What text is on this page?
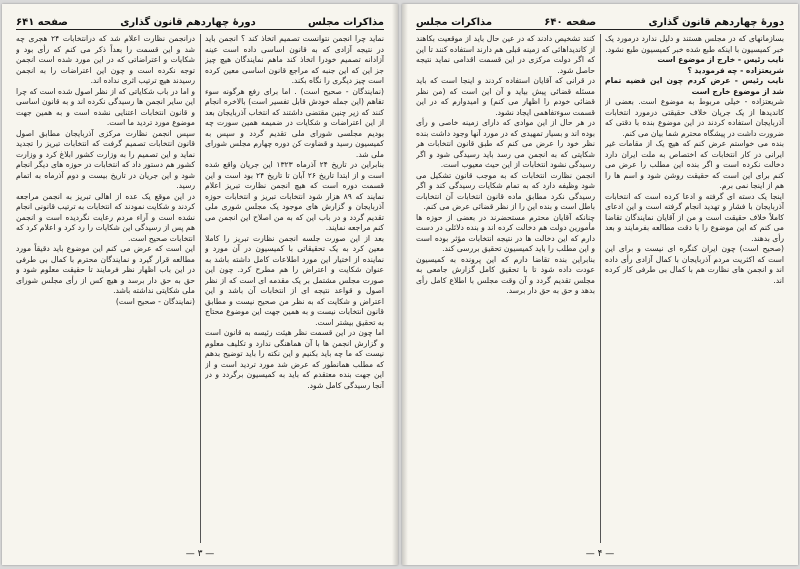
مذاکرات مجلس
دورۀ چهاردهم قانون گذاری
صفحه ۶۴۱

نماید چرا انجمن نتوانست تصمیم اتخاذ کند ؟ انجمن باید در نتیجه آزادی که به قانون اساسی داده است عینه آزادانه تصمیم خودرا اتخاذ کند ماهم نمایندگان هیچ چیز جز این که این جنبه که مراجع قانون اساسی معین کرده است چیز دیگری را نگاه بکند.

(نمایندگان - صحیح است) . اما برای رفع هرگونه سوء تفاهم (این جمله خودش قابل تفسیر است) بالاخره انجام کنند که زیر چنین مقتضی داشتند که انتخاب آذربایجان بعد از این اعتراضات و شکایات در ضمیمه همین سورت چه بودیم مجلسی شورای ملی تقدیم گردد و سپس به کمیسیون رسید و قضاوت کن دوره چهارم مجلس شورای ملی شد.

بنابراین در تاریخ ۲۴ آذرماه ۱۳۲۳ این جریان واقع شده است و از ابتدا تاریخ ۲۶ آبان تا تاریخ ۲۴ بود است و این قسمت دوره است که هیچ انجمن نظارت تبریز اعلام نمایند که ۸۹ هزار شود انتخابات تبریز و انتخابات حوزه آذربایجان و گزارش های موجود یک مجلس شوری ملی تقدیم گردد و در باب این که به من اصلاح این انجمن می کنم مراجعه نمایند.

بعد از این صورت جلسه انجمن نظارت تبریز را کاملا معین کرد به یک تحقیقاتی با کمیسیون در آن مورد و نماینده از اختیار این مورد اطلاعات کامل داشته باشد به عنوان شکایت و اعتراض را هم مطرح کرد. چون این صورت مجلس مشتمل بر یک مقدمه ای است که از نظر اصول و قواعد نتیجه ای از انتخابات آن باشد و این اعتراض و شکایت که به نظر من صحیح نیست و مطابق قانون انتخابات نیست و به همین جهت این موضوع محتاج به تحقیق بیشتر است.

اما چون در این قسمت نظر هیئت رئیسه به قانون است و گزارش انجمن ها با آن هماهنگی ندارد و تکلیف معلوم نیست که ما چه باید بکنیم و این نکته را باید توضیح بدهم که مطلب همانطور که عرض شد مورد تردید است و از این جهت بنده معتقدم که باید به کمیسیون برگردد و در آنجا رسیدگی کامل شود.

درانجمن نظارت اعلام شد که درانتخابات ۲۴ هجری چه شد و این قسمت را بعداً ذکر می کنم که رأی بود و شکایات و اعتراضاتی که در این مورد شده است انجمن توجه نکرده است و چون این اعتراضات را به انجمن رسیدند هیچ ترتیب اثری نداده اند.

و اما در باب شکایاتی که از نظر اصول شده است که چرا این سایر انجمن ها رسیدگی نکرده اند و به قانون اساسی و قانون انتخابات اعتنایی نشده است و به همین جهت موضوع مورد تردید ما است.

سپس انجمن نظارت مرکزی آذربایجان مطابق اصول قانون انتخابات تصمیم گرفت که انتخابات تبریز را تجدید نماید و این تصمیم را به وزارت کشور ابلاغ کرد و وزارت کشور هم دستور داد که انتخابات در حوزه های دیگر انجام شود و این جریان در تاریخ بیست و دوم آذرماه به اتمام رسید.

در این موقع یک عده از اهالی تبریز به انجمن مراجعه کردند و شکایت نمودند که انتخابات به ترتیب قانونی انجام نشده است و آراء مردم رعایت نگردیده است و انجمن هم پس از رسیدگی این شکایات را رد کرد و اعلام کرد که انتخابات صحیح است.

این است که عرض می کنم این موضوع باید دقیقاً مورد مطالعه قرار گیرد و نمایندگان محترم با کمال بی طرفی در این باب اظهار نظر فرمایند تا حقیقت معلوم شود و حق به حق دار برسد و هیچ کس از رأی مجلس شورای ملی شکایتی نداشته باشد.

(نمایندگان - صحیح است)

— ۳ —
دورۀ چهاردهم قانون گذاری
صفحه ۶۴۰
مذاکرات مجلس

بسازمانهای که در مجلس هستند و دلیل ندارد درمورد یک خبر کمیسیون با اینکه طبع شده خبر کمیسیون طبع نشود.

نایب رئیس - خارج از موضوع است

شریعتزاده - چه فرمودید ؟

نایب رئیس - عرض کردم چون این قضیه تمام شد از موضوع خارج است

شریعتزاده - خیلی مربوط به موضوع است. بعضی از کاندیدها از یک جریان خلاف حقیقتی درمورد انتخابات آذربایجان استفاده کردند در این موضوع بنده با دقتی که ضرورت داشت در پیشگاه محترم شما بیان می کنم.

بنده می خواستم عرض کنم که هیچ یک از مقامات غیر ایرانی در کار انتخابات که اختصاص به ملت ایران دارد دخالت نکرده است و اگر بنده این مطلب را عرض می کنم برای این است که حقیقت روشن شود و اسم ها را هم از اینجا نمی برم.

اینجا یک دسته ای گرفته و ادعا کرده است که انتخابات آذربایجان با فشار و تهدید انجام گرفته است و این ادعای کاملاً خلاف حقیقت است و من از آقایان نمایندگان تقاضا می کنم که این موضوع را با دقت مطالعه بفرمایند و بعد رأی بدهند.

(صحیح است) چون ایران کنگره ای نیست و برای این است که اکثریت مردم آذربایجان با کمال آزادی رأی داده اند و انجمن های نظارت هم با کمال بی طرفی کار کرده اند.

کنند تشخیص دادند که در عین حال باید از موقعیت بکاهند از کاندیداهائی که زمینه قبلی هم دارند استفاده کنند تا این که اگر دولت مرکزی در این قسمت اقدامی نماید نتیجه حاصل شود.

در قرانی که آقایان استفاده کردند و اینجا است که باید مسئله قضائی پیش بیاید و آن این است که (من نظر قضائی خودم را اظهار می کنم) و امیدوارم که در این قسمت سوءتفاهمی ایجاد نشود.

در هر حال از این موادی که دارای زمینه خاصی و رأی بوده اند و بسیار تمهیدی که در مورد آنها وجود داشت بنده نظر خود را عرض می کنم که طبق قانون انتخابات هر شکایتی که به انجمن می رسد باید رسیدگی شود و اگر رسیدگی نشود انتخابات از این حیث معیوب است.

انجمن نظارت انتخابات که به موجب قانون تشکیل می شود وظیفه دارد که به تمام شکایات رسیدگی کند و اگر رسیدگی نکرد مطابق ماده قانون انتخابات آن انتخابات باطل است و بنده این را از نظر قضائی عرض می کنم.

چنانکه آقایان محترم مستحضرند در بعضی از حوزه ها مأمورین دولت هم دخالت کرده اند و بنده دلائلی در دست دارم که این دخالت ها در نتیجه انتخابات مؤثر بوده است و این مطلب را باید کمیسیون تحقیق بررسی کند.

بنابراین بنده تقاضا دارم که این پرونده به کمیسیون عودت داده شود تا با تحقیق کامل گزارش جامعی به مجلس تقدیم گردد و آن وقت مجلس با اطلاع کامل رأی بدهد و حق به حق دار برسد.

— ۴ —
